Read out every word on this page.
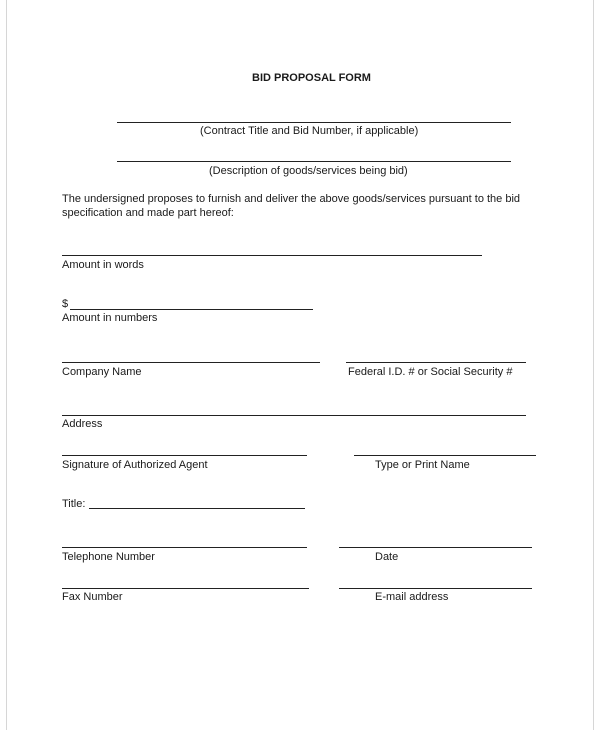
BID PROPOSAL FORM
(Contract Title and Bid Number, if applicable)
(Description of goods/services being bid)
The undersigned proposes to furnish and deliver the above goods/services pursuant to the bid specification and made part hereof:
Amount in words
$
Amount in numbers
Company Name	Federal I.D. # or Social Security #
Address
Signature of Authorized Agent	Type or Print Name
Title:
Telephone Number	Date
Fax Number	E-mail address
